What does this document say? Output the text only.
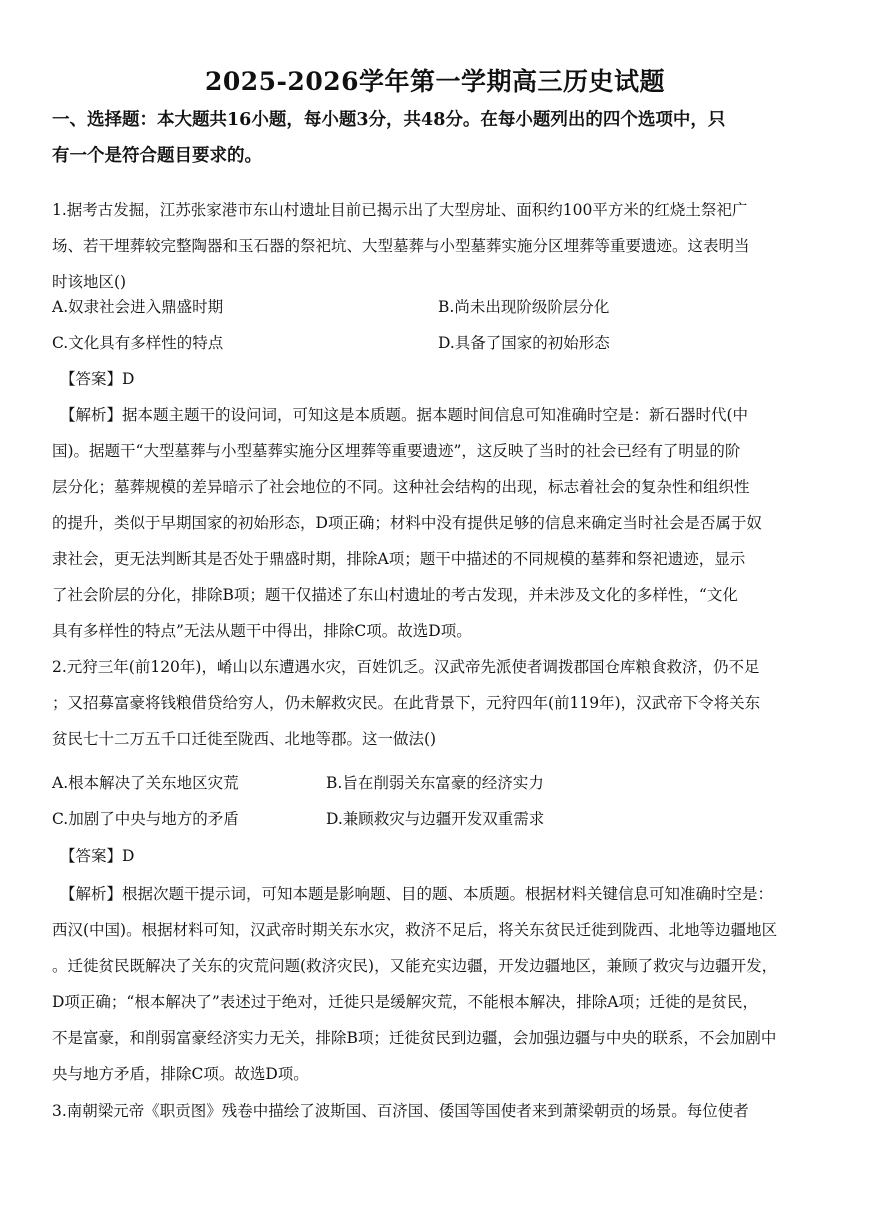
2025-2026学年第一学期高三历史试题
一、选择题：本大题共16小题，每小题3分，共48分。在每小题列出的四个选项中，只
有一个是符合题目要求的。
1.据考古发掘，江苏张家港市东山村遗址目前已揭示出了大型房址、面积约100平方米的红烧土祭祀广
场、若干埋葬较完整陶器和玉石器的祭祀坑、大型墓葬与小型墓葬实施分区埋葬等重要遗迹。这表明当
时该地区()
A.奴隶社会进入鼎盛时期	B.尚未出现阶级阶层分化
C.文化具有多样性的特点	D.具备了国家的初始形态
【答案】D
【解析】据本题主题干的设问词，可知这是本质题。据本题时间信息可知准确时空是：新石器时代(中
国)。据题干“大型墓葬与小型墓葬实施分区埋葬等重要遗迹”，这反映了当时的社会已经有了明显的阶
层分化；墓葬规模的差异暗示了社会地位的不同。这种社会结构的出现，标志着社会的复杂性和组织性
的提升，类似于早期国家的初始形态，D项正确；材料中没有提供足够的信息来确定当时社会是否属于奴
隶社会，更无法判断其是否处于鼎盛时期，排除A项；题干中描述的不同规模的墓葬和祭祀遗迹，显示
了社会阶层的分化，排除B项；题干仅描述了东山村遗址的考古发现，并未涉及文化的多样性，“文化
具有多样性的特点”无法从题干中得出，排除C项。故选D项。
2.元狩三年(前120年)，崤山以东遭遇水灾，百姓饥乏。汉武帝先派使者调拨郡国仓库粮食救济，仍不足
；又招募富豪将钱粮借贷给穷人，仍未解救灾民。在此背景下，元狩四年(前119年)，汉武帝下令将关东
贫民七十二万五千口迁徙至陇西、北地等郡。这一做法()
A.根本解决了关东地区灾荒	B.旨在削弱关东富豪的经济实力
C.加剧了中央与地方的矛盾	D.兼顾救灾与边疆开发双重需求
【答案】D
【解析】根据次题干提示词，可知本题是影响题、目的题、本质题。根据材料关键信息可知准确时空是：
西汉(中国)。根据材料可知，汉武帝时期关东水灾，救济不足后，将关东贫民迁徙到陇西、北地等边疆地区
。迁徙贫民既解决了关东的灾荒问题(救济灾民)，又能充实边疆，开发边疆地区，兼顾了救灾与边疆开发，
D项正确；“根本解决了”表述过于绝对，迁徙只是缓解灾荒，不能根本解决，排除A项；迁徙的是贫民，
不是富豪，和削弱富豪经济实力无关，排除B项；迁徙贫民到边疆，会加强边疆与中央的联系，不会加剧中
央与地方矛盾，排除C项。故选D项。
3.南朝梁元帝《职贡图》残卷中描绘了波斯国、百济国、倭国等国使者来到萧梁朝贡的场景。每位使者
